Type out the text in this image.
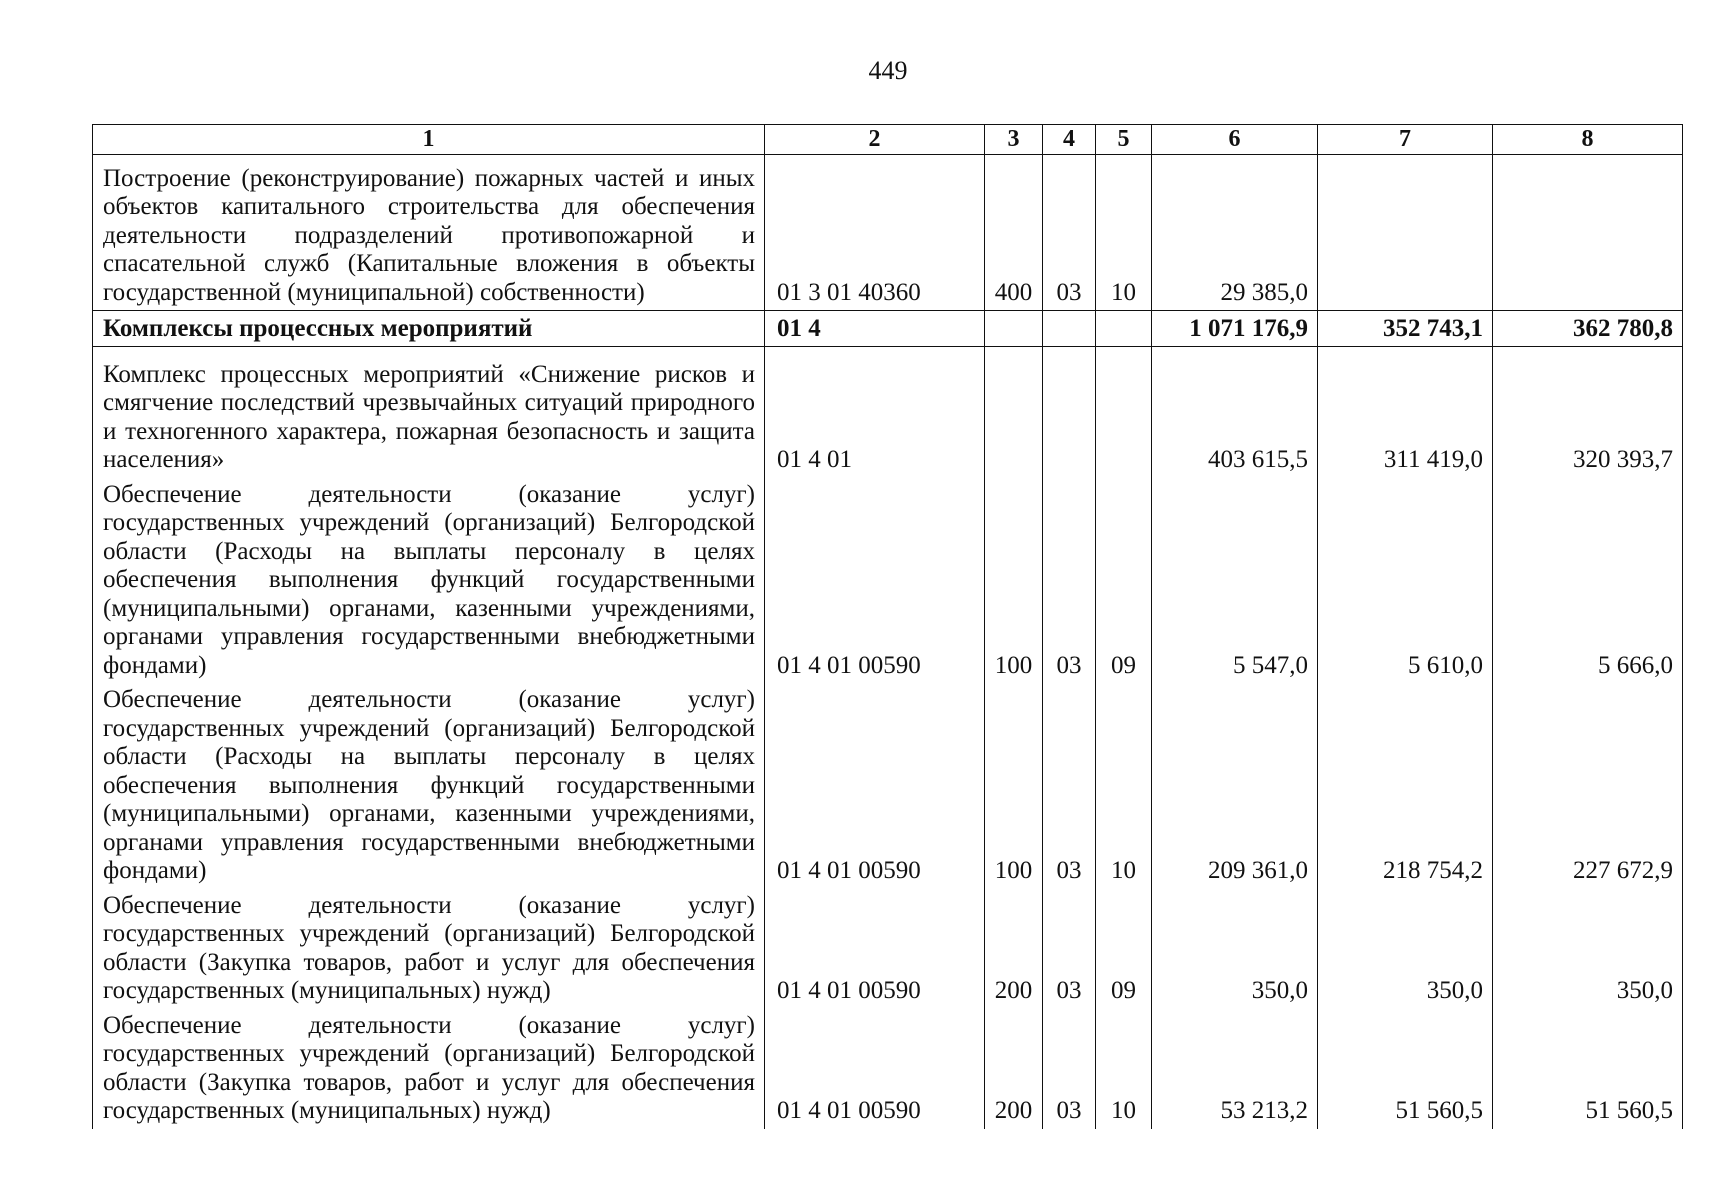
449
1	2	3	4	5	6	7	8
Построение (реконструирование) пожарных частей и иных объектов капитального строительства для обеспечения деятельности подразделений противопожарной и спасательной служб (Капитальные вложения в объекты государственной (муниципальной) собственности)	01 3 01 40360	400	03	10	29 385,0		
Комплексы процессных мероприятий	01 4				1 071 176,9	352 743,1	362 780,8
Комплекс процессных мероприятий «Снижение рисков и смягчение последствий чрезвычайных ситуаций природного и техногенного характера, пожарная безопасность и защита населения»	01 4 01				403 615,5	311 419,0	320 393,7
Обеспечение деятельности (оказание услуг) государственных учреждений (организаций) Белгородской области (Расходы на выплаты персоналу в целях обеспечения выполнения функций государственными (муниципальными) органами, казенными учреждениями, органами управления государственными внебюджетными фондами)	01 4 01 00590	100	03	09	5 547,0	5 610,0	5 666,0
Обеспечение деятельности (оказание услуг) государственных учреждений (организаций) Белгородской области (Расходы на выплаты персоналу в целях обеспечения выполнения функций государственными (муниципальными) органами, казенными учреждениями, органами управления государственными внебюджетными фондами)	01 4 01 00590	100	03	10	209 361,0	218 754,2	227 672,9
Обеспечение деятельности (оказание услуг) государственных учреждений (организаций) Белгородской области (Закупка товаров, работ и услуг для обеспечения государственных (муниципальных) нужд)	01 4 01 00590	200	03	09	350,0	350,0	350,0
Обеспечение деятельности (оказание услуг) государственных учреждений (организаций) Белгородской области (Закупка товаров, работ и услуг для обеспечения государственных (муниципальных) нужд)	01 4 01 00590	200	03	10	53 213,2	51 560,5	51 560,5
